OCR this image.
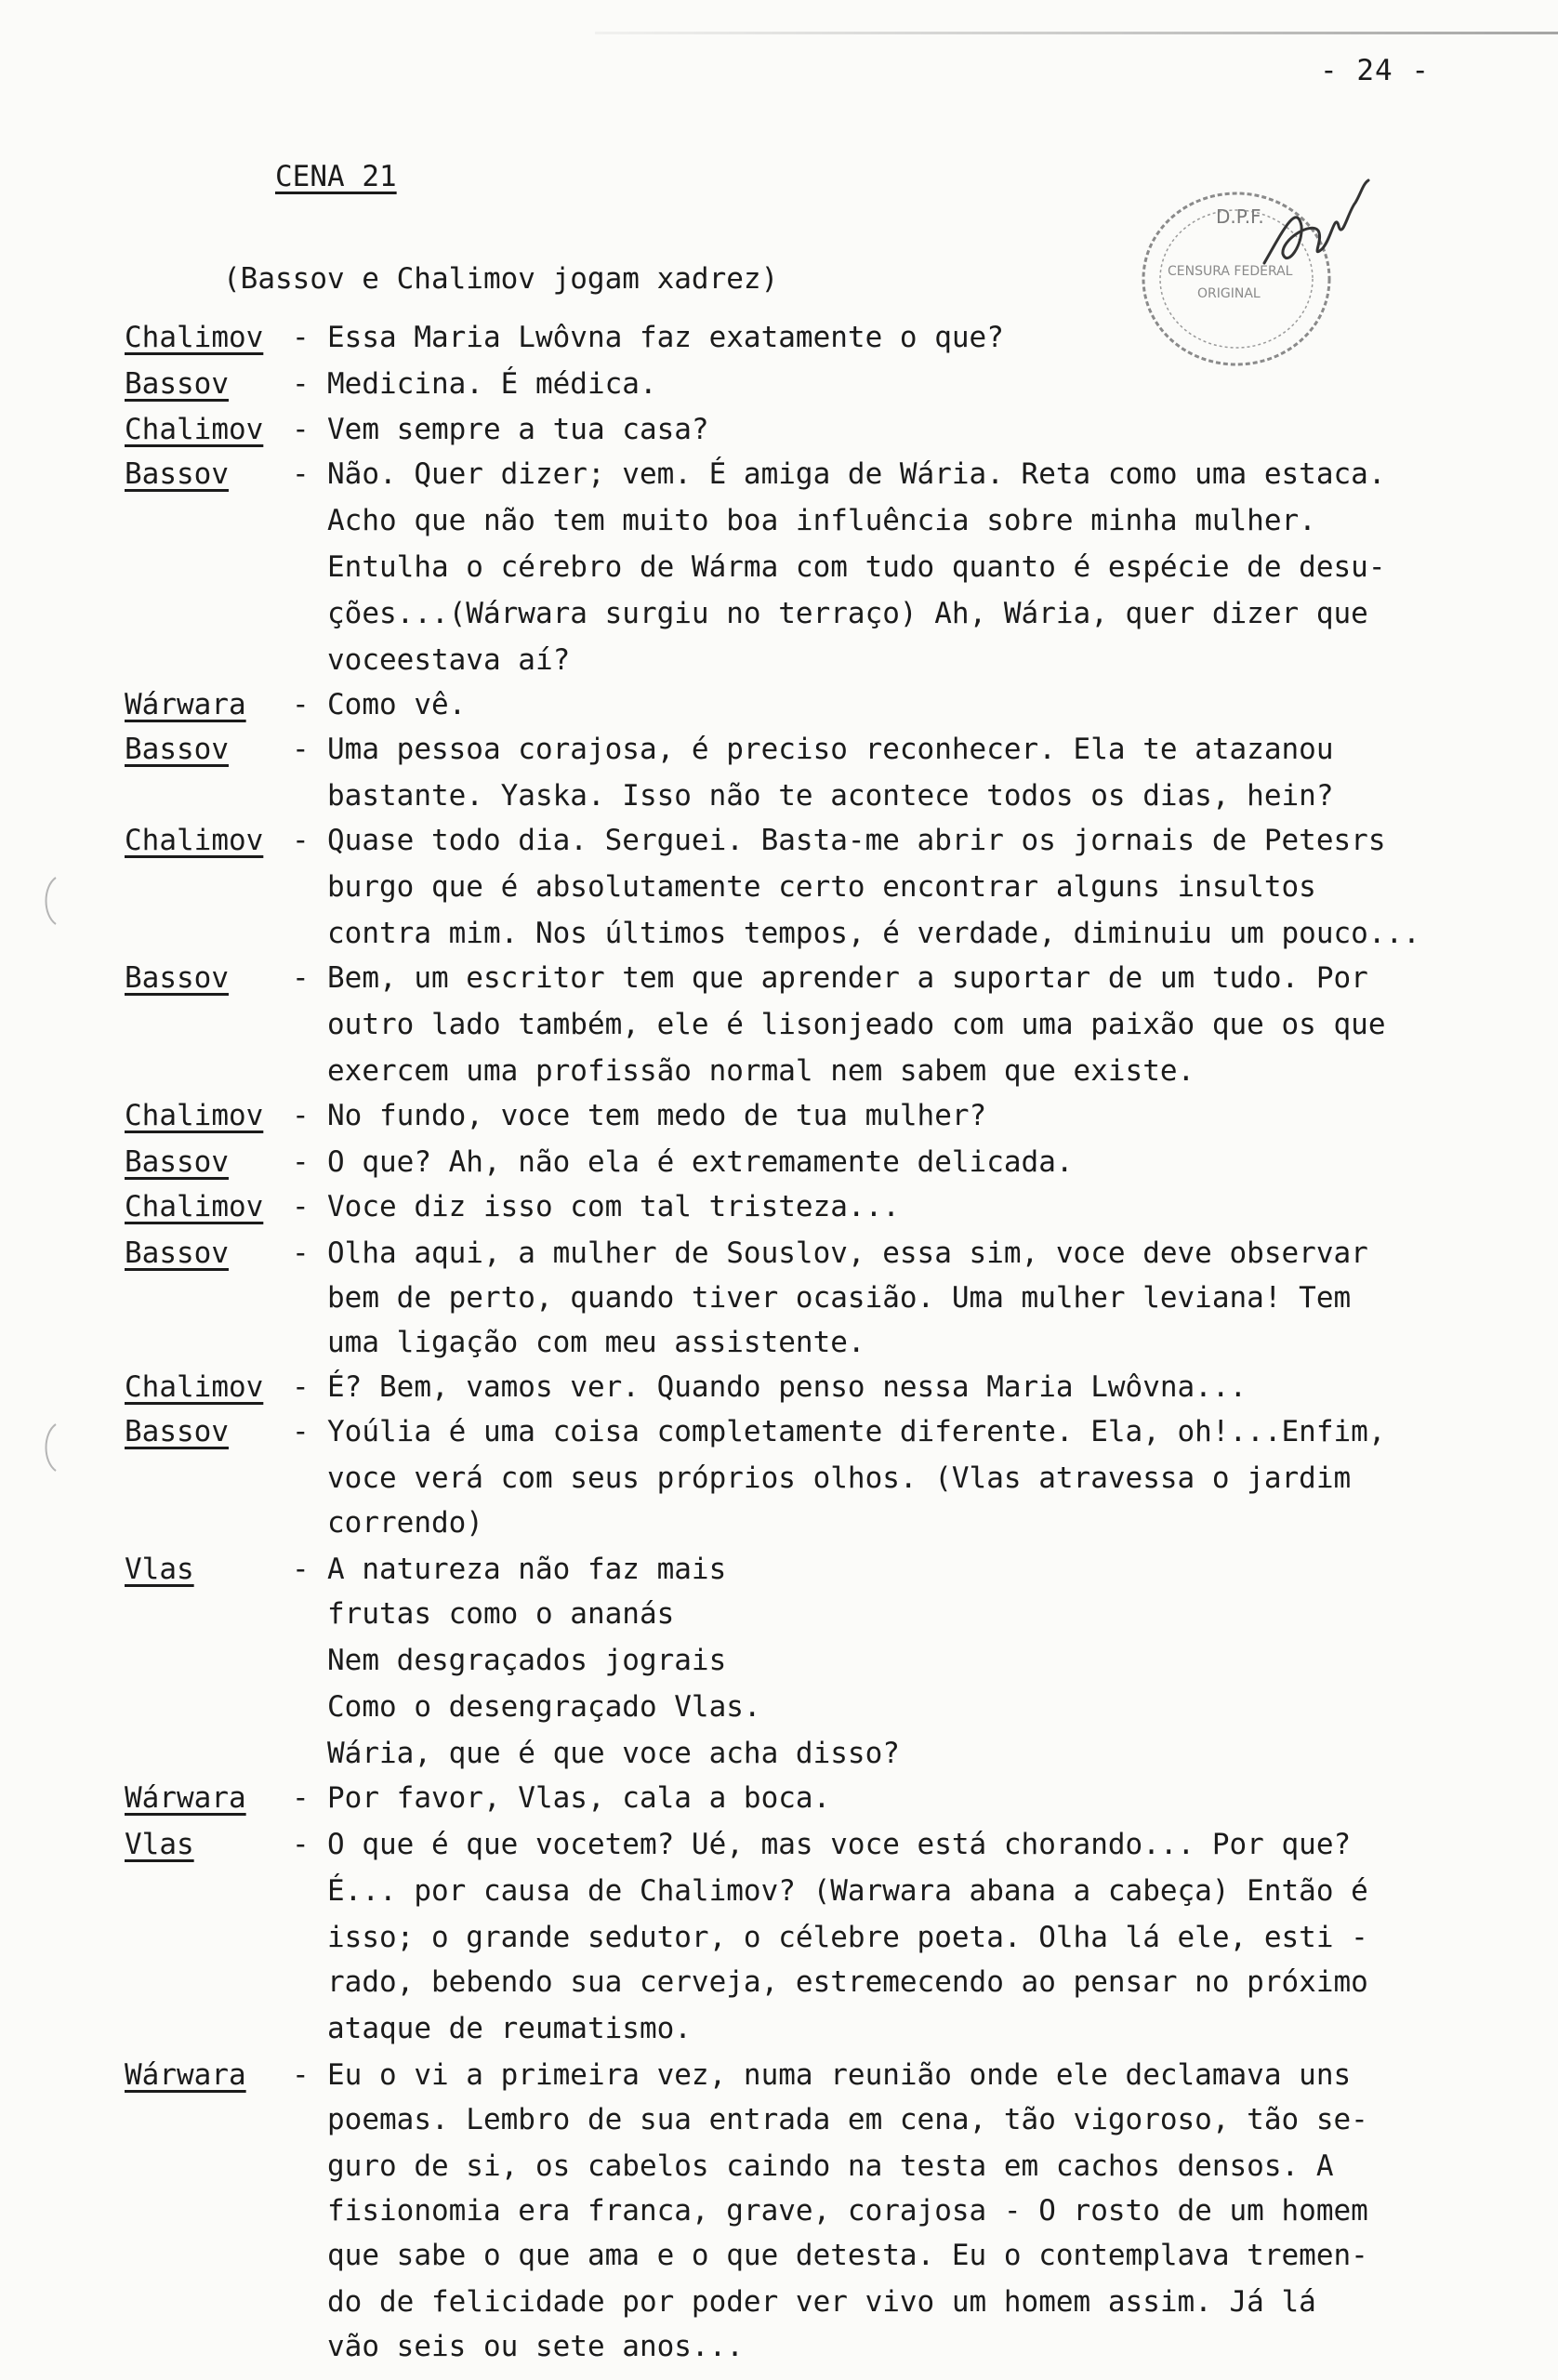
- 24 -
CENA 21
(Bassov e Chalimov jogam xadrez)
D.P.F.
CENSURA FEDERAL
ORIGINAL
Chalimov - Essa Maria Lwôvna faz exatamente o que?
Bassov - Medicina. É médica.
Chalimov - Vem sempre a tua casa?
Bassov - Não. Quer dizer; vem. É amiga de Wária. Reta como uma estaca.
Acho que não tem muito boa influência sobre minha mulher.
Entulha o cérebro de Wárma com tudo quanto é espécie de desu-
ções...(Wárwara surgiu no terraço) Ah, Wária, quer dizer que
voceestava aí?
Wárwara - Como vê.
Bassov - Uma pessoa corajosa, é preciso reconhecer. Ela te atazanou
bastante. Yaska. Isso não te acontece todos os dias, hein?
Chalimov - Quase todo dia. Serguei. Basta-me abrir os jornais de Petesrs
burgo que é absolutamente certo encontrar alguns insultos
contra mim. Nos últimos tempos, é verdade, diminuiu um pouco...
Bassov - Bem, um escritor tem que aprender a suportar de um tudo. Por
outro lado também, ele é lisonjeado com uma paixão que os que
exercem uma profissão normal nem sabem que existe.
Chalimov - No fundo, voce tem medo de tua mulher?
Bassov - O que? Ah, não ela é extremamente delicada.
Chalimov - Voce diz isso com tal tristeza...
Bassov - Olha aqui, a mulher de Souslov, essa sim, voce deve observar
bem de perto, quando tiver ocasião. Uma mulher leviana! Tem
uma ligação com meu assistente.
Chalimov - É? Bem, vamos ver. Quando penso nessa Maria Lwôvna...
Bassov - Yoúlia é uma coisa completamente diferente. Ela, oh!...Enfim,
voce verá com seus próprios olhos. (Vlas atravessa o jardim
correndo)
Vlas	- A natureza não faz mais
frutas como o ananás
Nem desgraçados jograis
Como o desengraçado Vlas.
Wária, que é que voce acha disso?
Wárwara - Por favor, Vlas, cala a boca.
Vlas	- O que é que vocetem? Ué, mas voce está chorando... Por que?
É... por causa de Chalimov? (Warwara abana a cabeça) Então é
isso; o grande sedutor, o célebre poeta. Olha lá ele, esti -
rado, bebendo sua cerveja, estremecendo ao pensar no próximo
ataque de reumatismo.
Wárwara - Eu o vi a primeira vez, numa reunião onde ele declamava uns
poemas. Lembro de sua entrada em cena, tão vigoroso, tão se-
guro de si, os cabelos caindo na testa em cachos densos. A
fisionomia era franca, grave, corajosa - O rosto de um homem
que sabe o que ama e o que detesta. Eu o contemplava tremen-
do de felicidade por poder ver vivo um homem assim. Já lá
vão seis ou sete anos...
